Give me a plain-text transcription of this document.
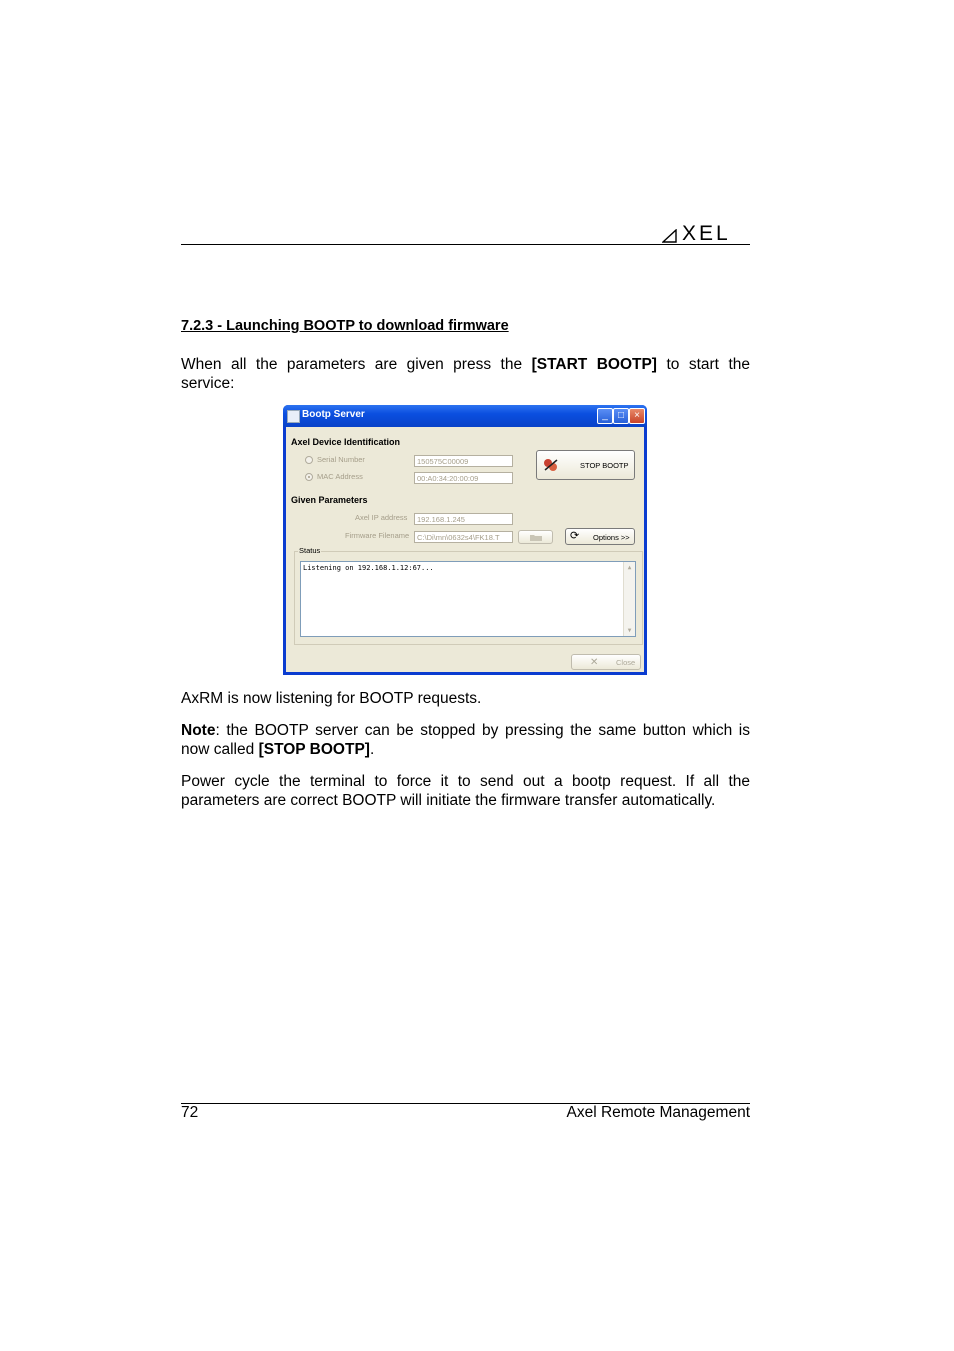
XEL
7.2.3 - Launching BOOTP to download firmware
When all the parameters are given press the [START BOOTP] to start the
service:
Bootp Server	_	□	×
Axel Device Identification
Serial Number	150575C00009
MAC Address	00:A0:34:20:00:09
STOP BOOTP
Given Parameters
Axel IP address	192.168.1.245
Firmware Filename	C:\Di\mn\0632s4\FK18.T	⟳ Options >>
Status
Listening on 192.168.1.12:67...	▲
▼
✕ Close
AxRM is now listening for BOOTP requests.
Note: the BOOTP server can be stopped by pressing the same button which is now called [STOP BOOTP].
Power cycle the terminal to force it to send out a bootp request. If all the parameters are correct BOOTP will initiate the firmware transfer automatically.
72	Axel Remote Management
